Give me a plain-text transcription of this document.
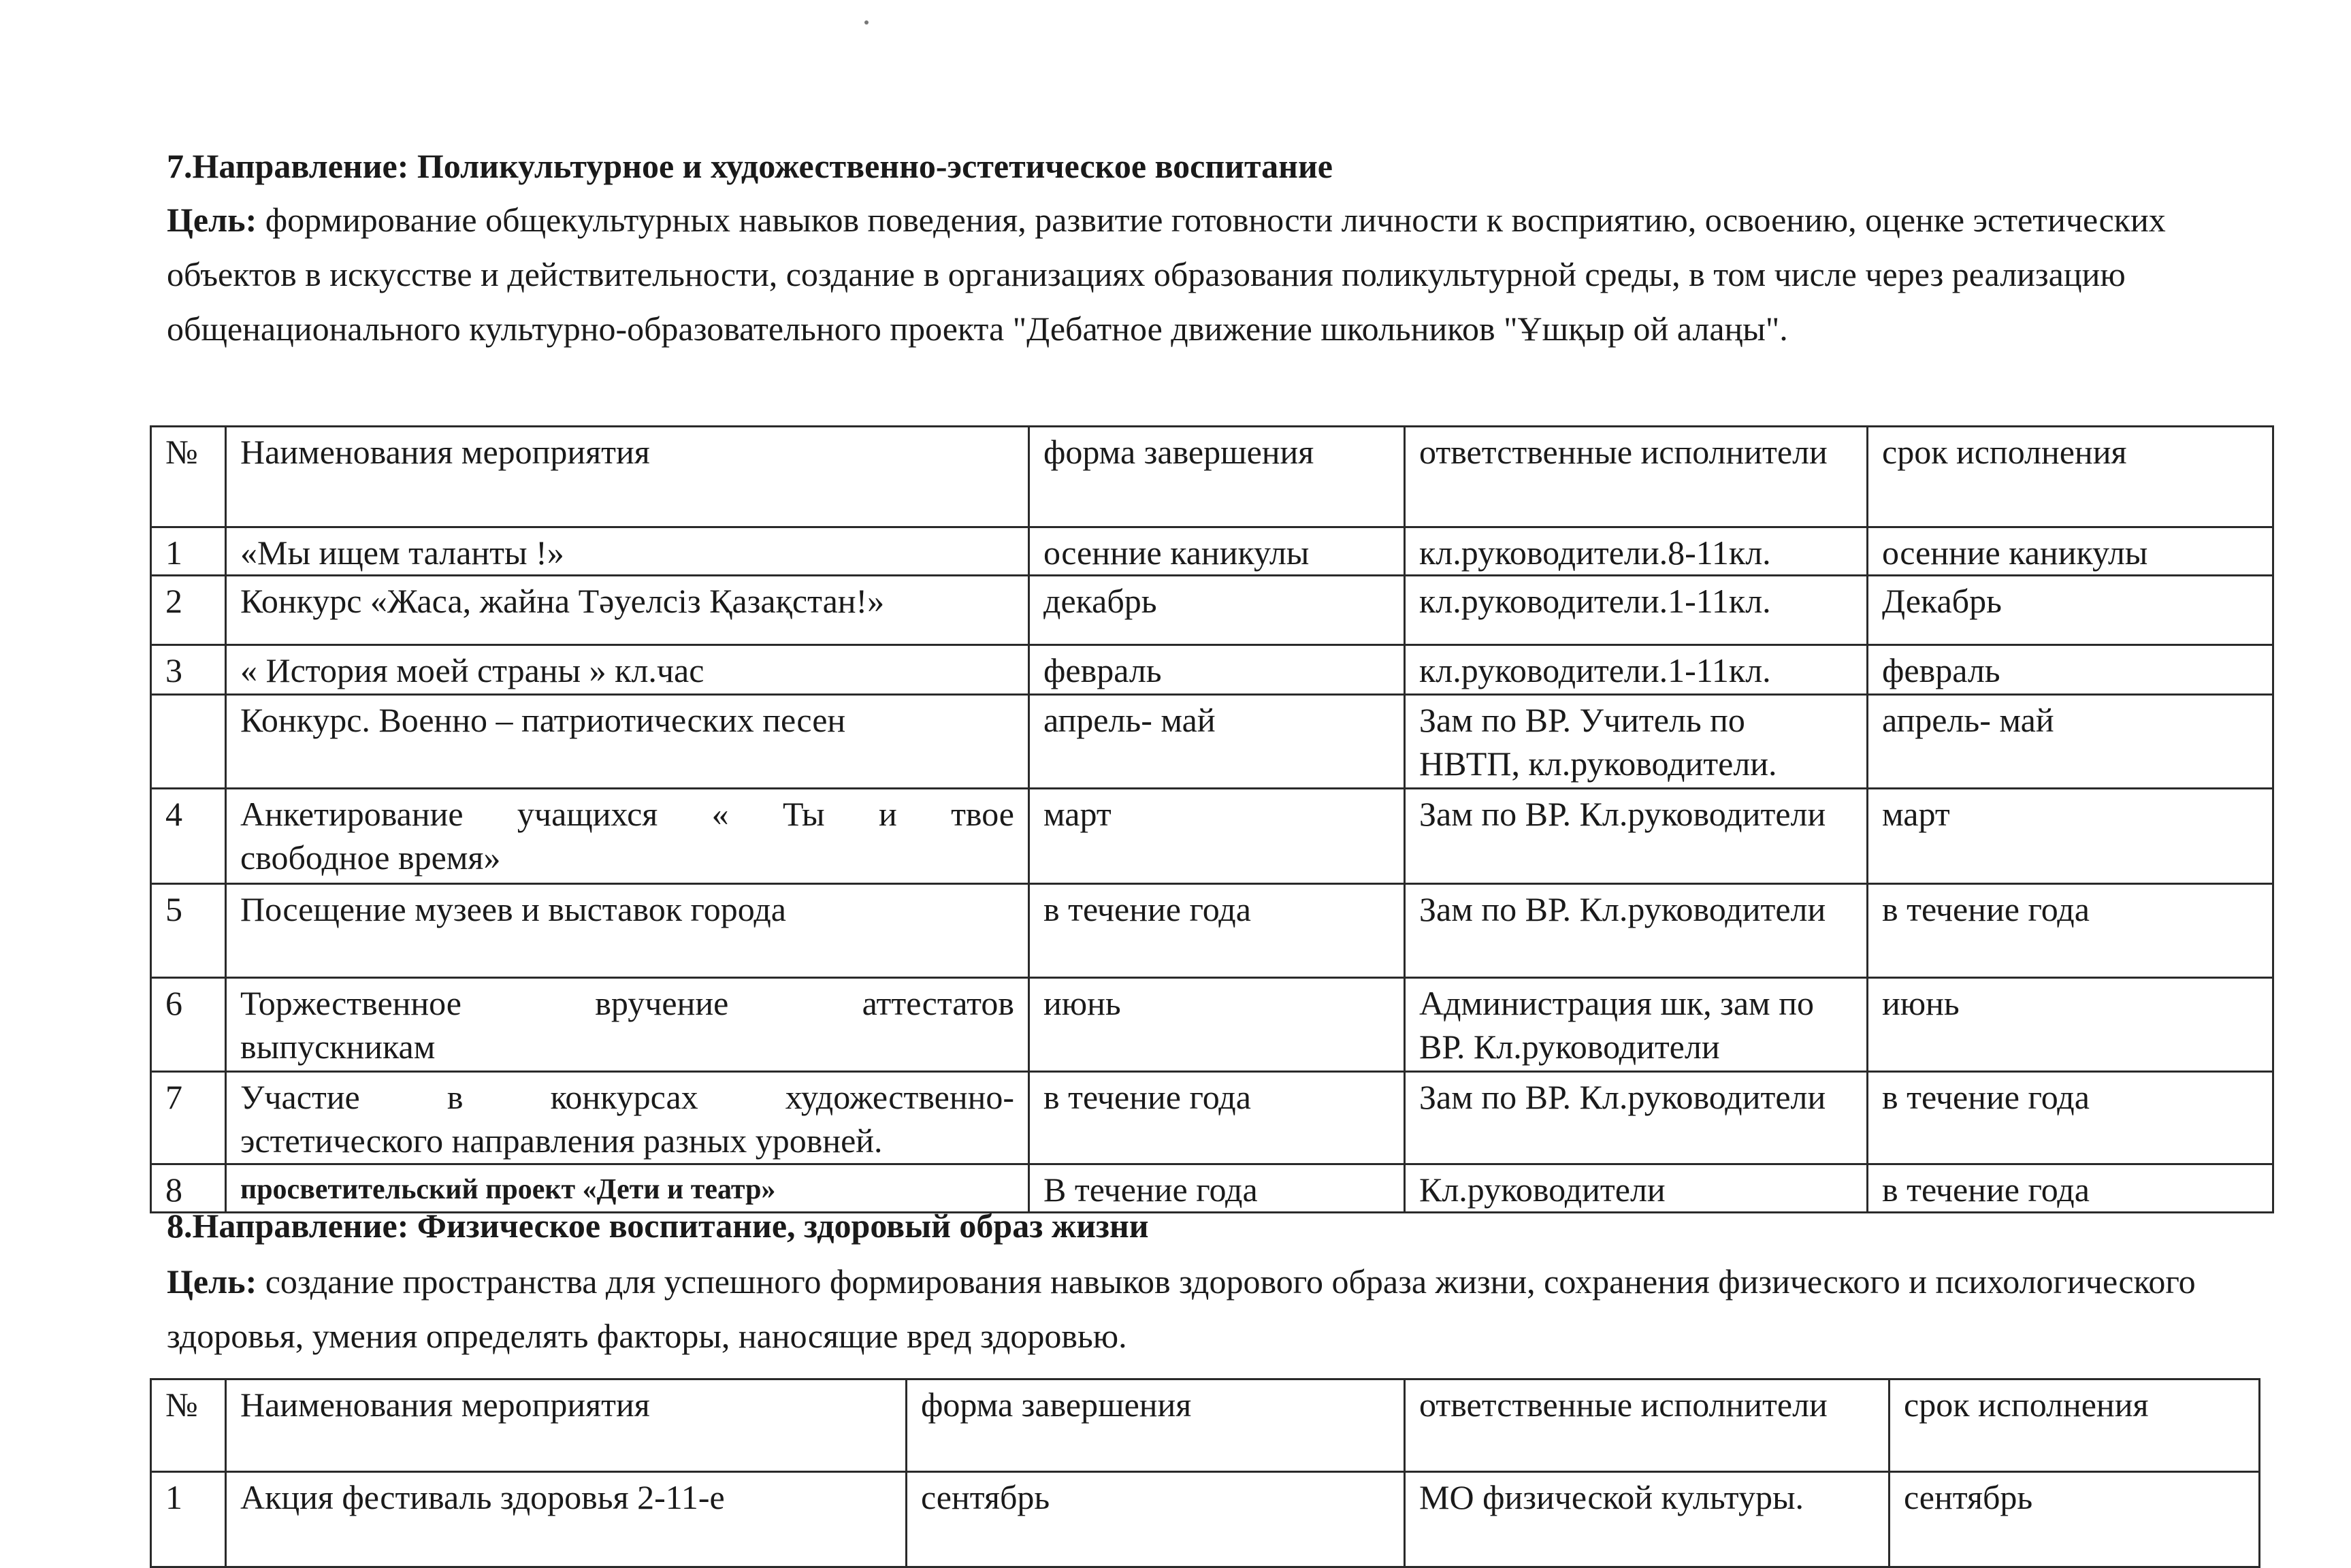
7.Направление: Поликультурное и художественно-эстетическое воспитание

Цель: формирование общекультурных навыков поведения, развитие готовности личности к восприятию, освоению, оценке эстетических объектов в искусстве и действительности, создание в организациях образования поликультурной среды, в том числе через реализацию общенационального культурно-образовательного проекта "Дебатное движение школьников "Ұшқыр ой алаңы".

№	Наименования мероприятия	форма завершения	ответственные исполнители	срок исполнения
1	«Мы ищем таланты !»	осенние каникулы	кл.руководители.8-11кл.	осенние каникулы
2	Конкурс «Жаса, жайна Тәуелсіз Қазақстан!»	декабрь	кл.руководители.1-11кл.	Декабрь
3	« История моей страны » кл.час	февраль	кл.руководители.1-11кл.	февраль
	Конкурс. Военно – патриотических песен	апрель- май	Зам по ВР. Учитель по НВТП, кл.руководители.	апрель- май
4	Анкетирование учащихся « Ты и твое
свободное время»	март	Зам по ВР. Кл.руководители	март
5	Посещение музеев и выставок города	в течение года	Зам по ВР. Кл.руководители	в течение года
6	Торжественное вручение аттестатов
выпускникам	июнь	Администрация шк, зам по ВР. Кл.руководители	июнь
7	Участие в конкурсах художественно-
эстетического направления разных уровней.	в течение года	Зам по ВР. Кл.руководители	в течение года
8	просветительский проект «Дети и театр»	В течение года	Кл.руководители	в течение года
8.Направление: Физическое воспитание, здоровый образ жизни

Цель: создание пространства для успешного формирования навыков здорового образа жизни, сохранения физического и психологического здоровья, умения определять факторы, наносящие вред здоровью.

№	Наименования мероприятия	форма завершения	ответственные исполнители	срок исполнения
1	Акция фестиваль здоровья 2-11-е	сентябрь	МО физической культуры.	сентябрь
